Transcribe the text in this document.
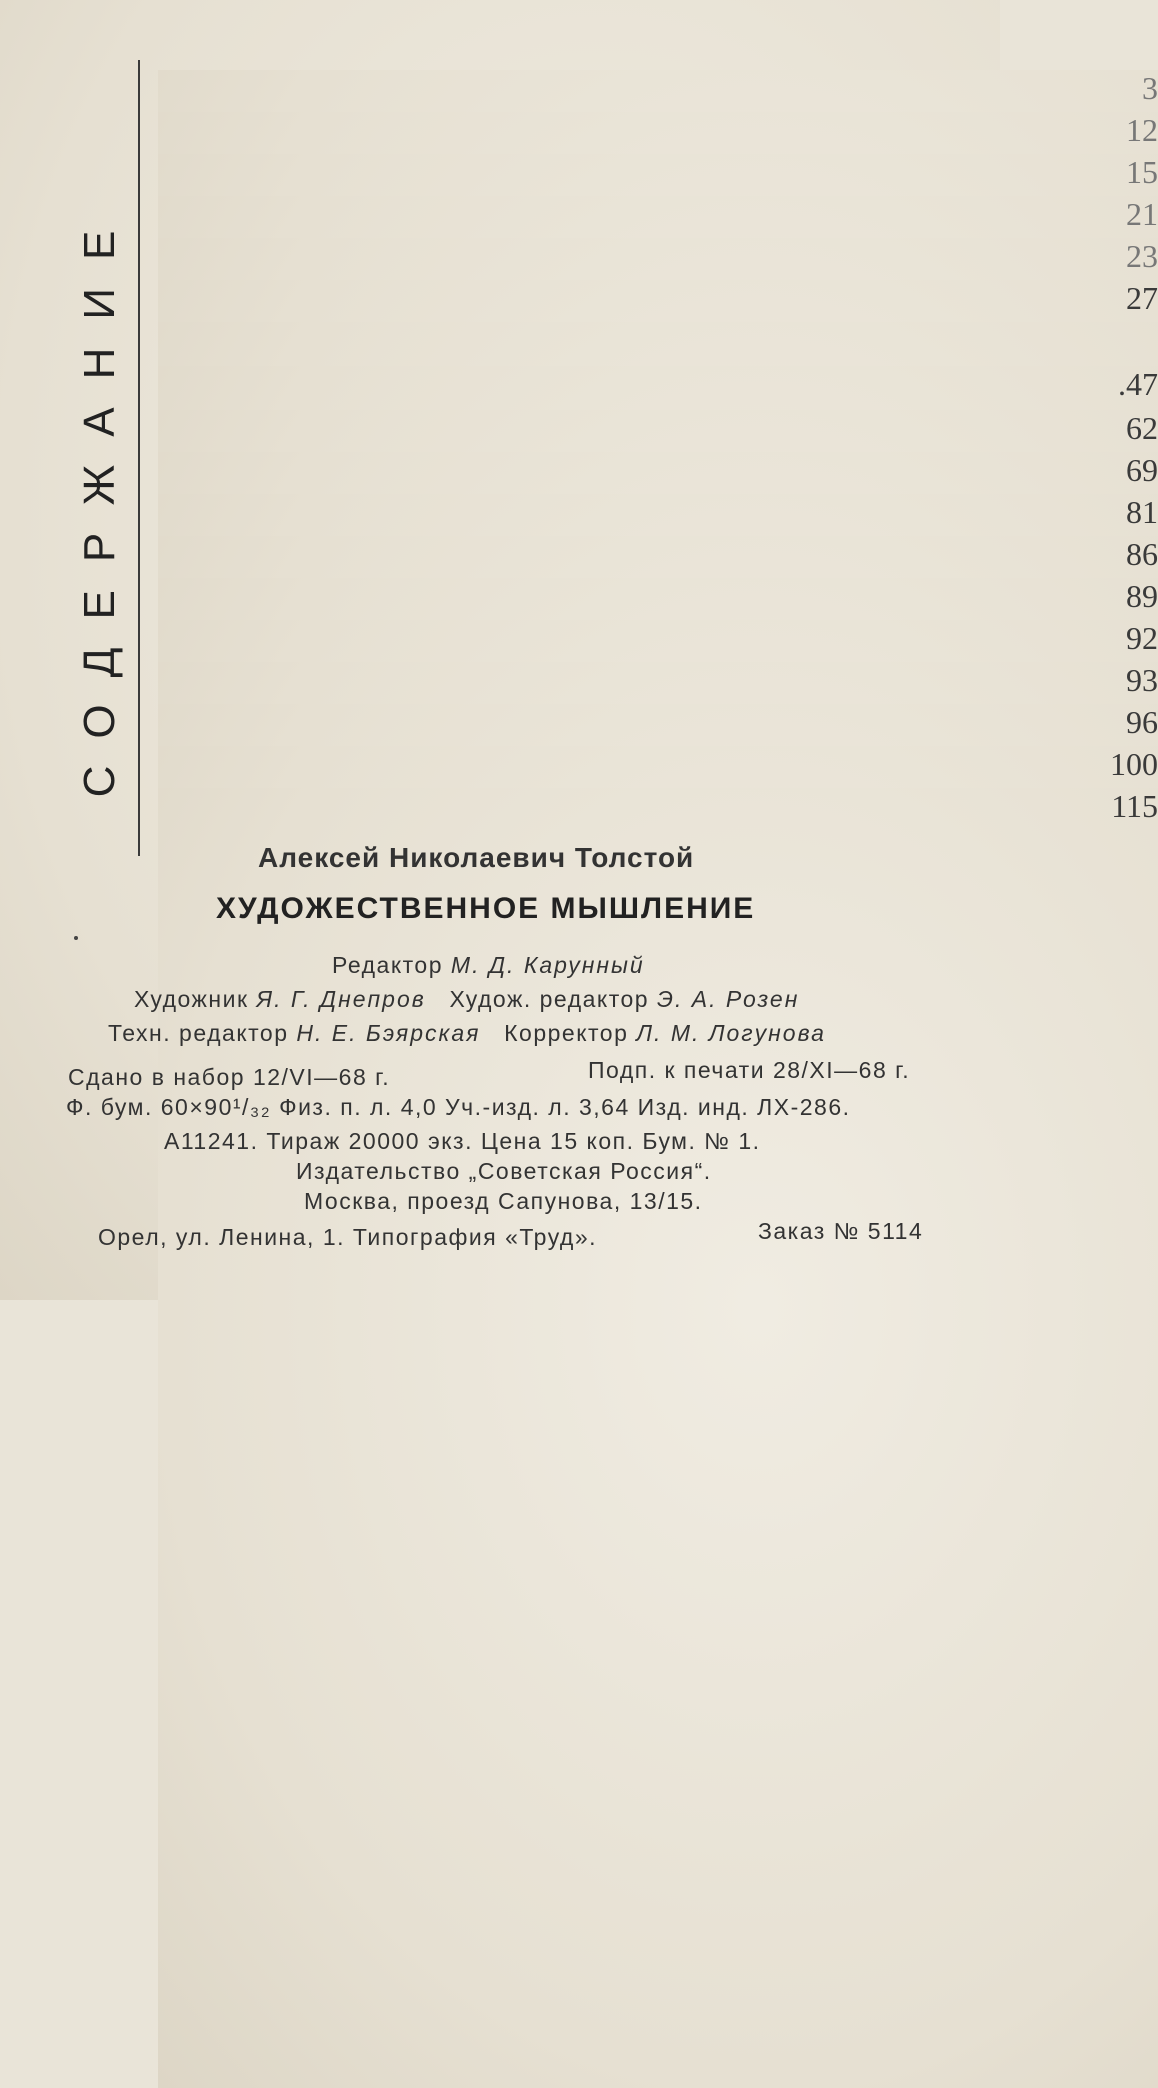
СОДЕРЖАНИЕ
3
12
15
21
23
27
.47
62
69
81
86
89
92
93
96
100
115
Алексей Николаевич Толстой
ХУДОЖЕСТВЕННОЕ МЫШЛЕНИЕ
Редактор М. Д. Карунный
Художник Я. Г. Днепров Худож. редактор Э. А. Розен
Техн. редактор Н. Е. Бэярская Корректор Л. М. Логунова
Сдано в набор 12/VI—68 г.	Подп. к печати 28/XI—68 г.
Ф. бум. 60×90¹/₃₂ Физ. п. л. 4,0 Уч.-изд. л. 3,64 Изд. инд. ЛХ-286.
А11241. Тираж 20000 экз. Цена 15 коп. Бум. № 1.
Издательство „Советская Россия“.
Москва, проезд Сапунова, 13/15.
Орел, ул. Ленина, 1. Типография «Труд».	Заказ № 5114
